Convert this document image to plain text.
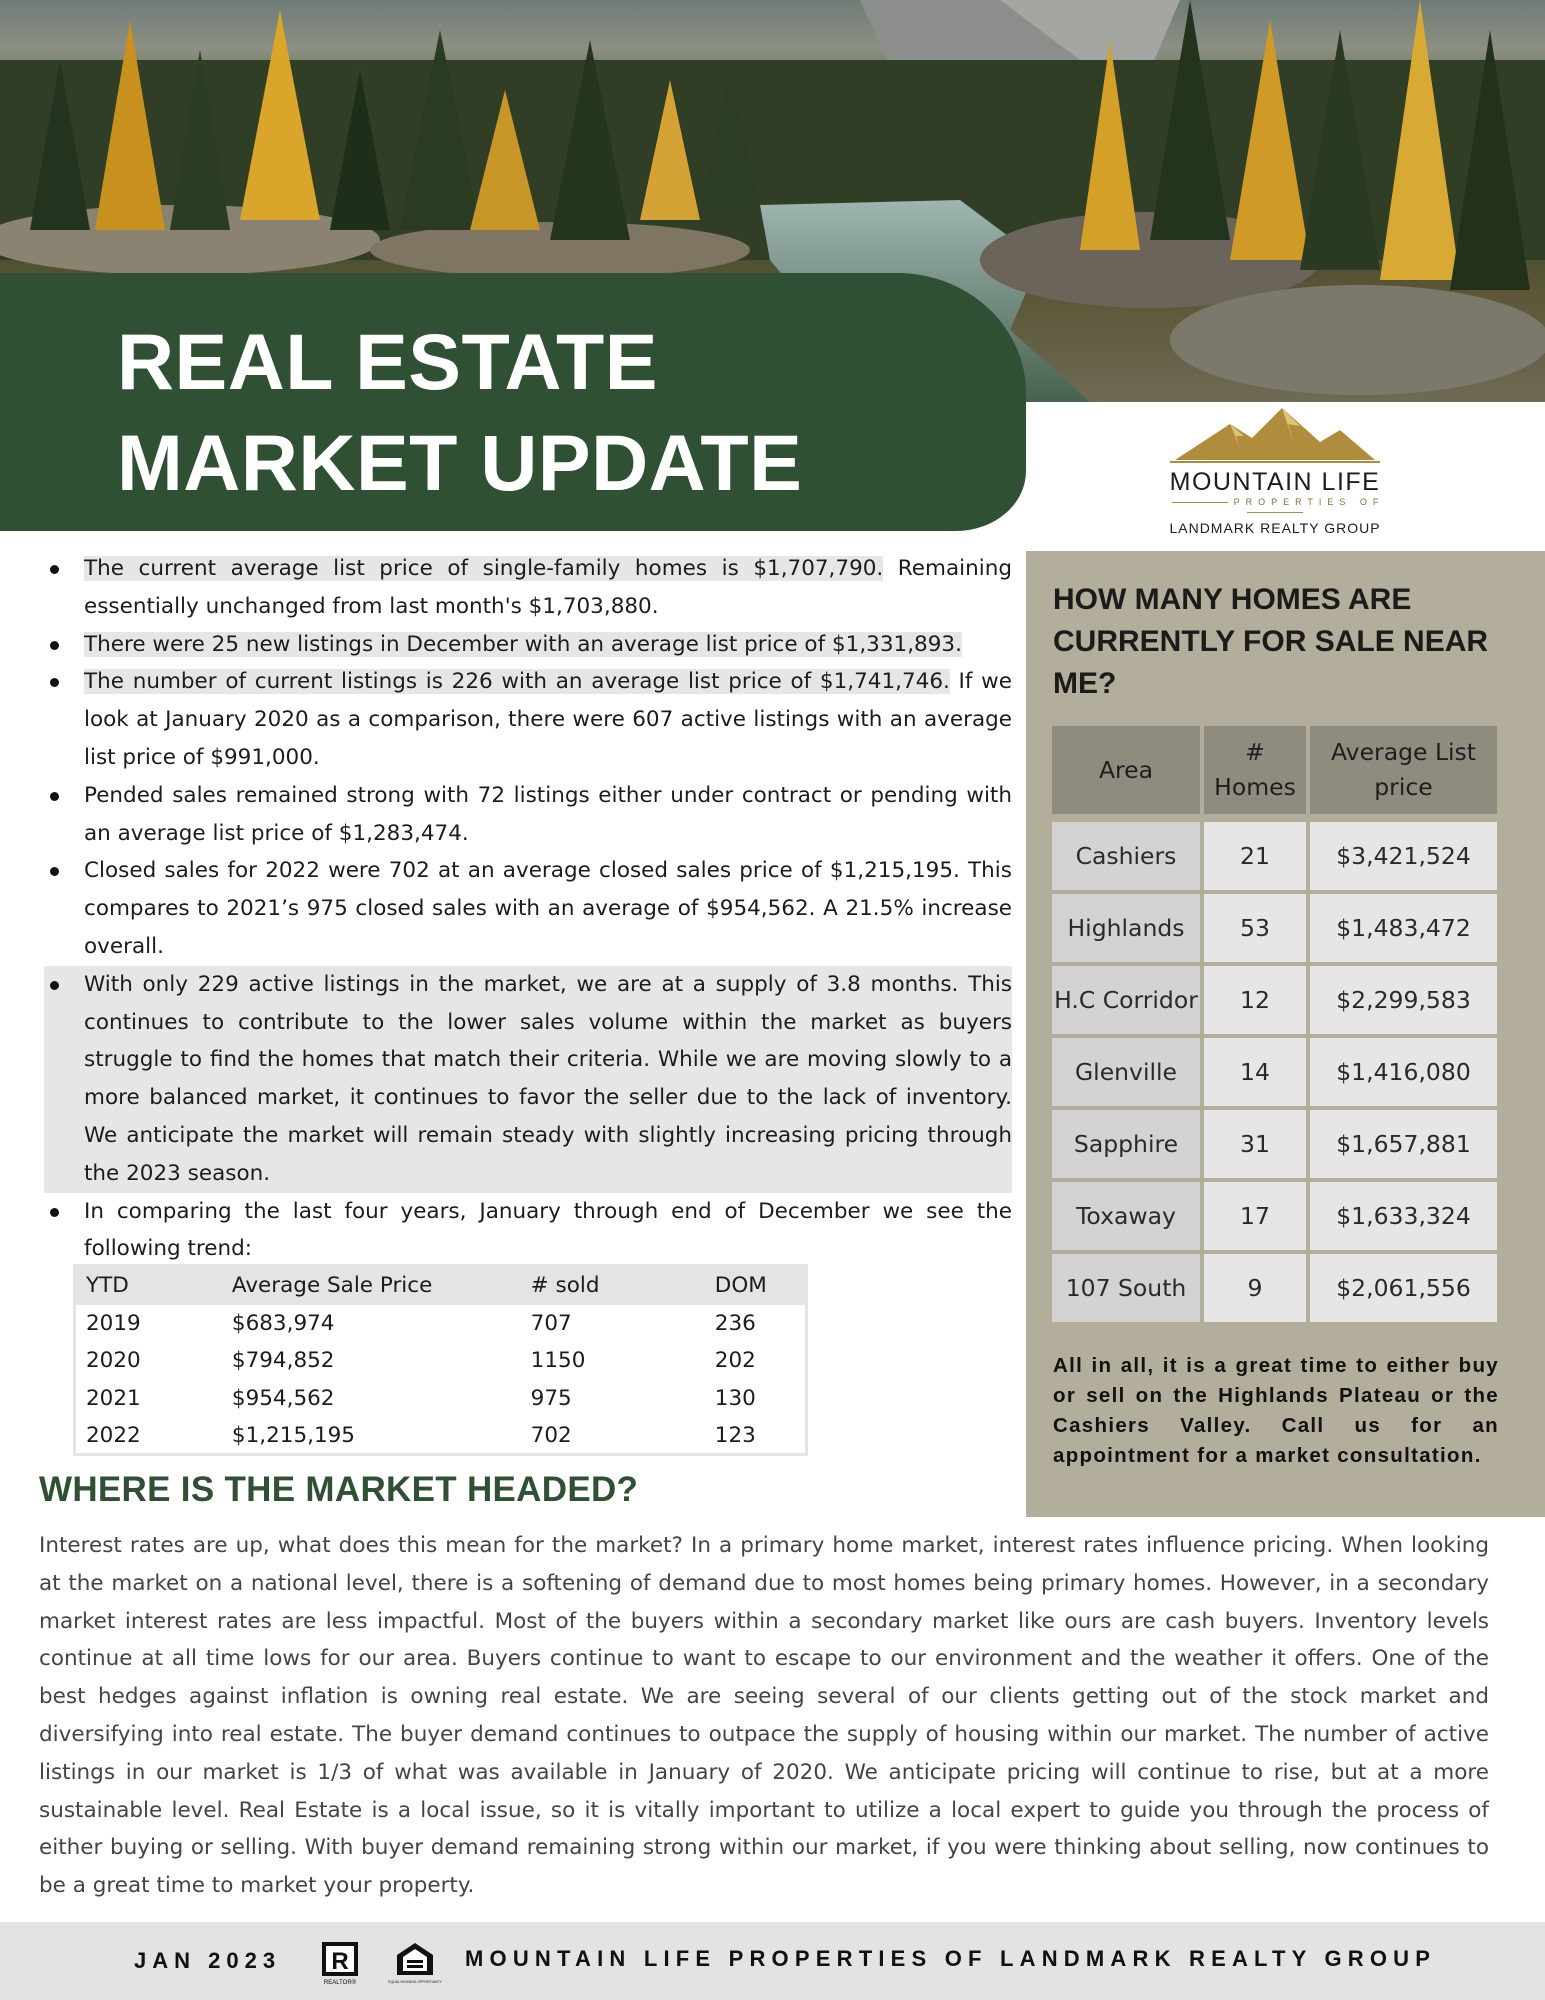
REAL ESTATE
MARKET UPDATE	MOUNTAIN LIFE
PROPERTIES OF
LANDMARK REALTY GROUP
The current average list price of single-family homes is $1,707,790. Remaining essentially unchanged from last month's $1,703,880.
There were 25 new listings in December with an average list price of $1,331,893.
The number of current listings is 226 with an average list price of $1,741,746. If we look at January 2020 as a comparison, there were 607 active listings with an average list price of $991,000.
Pended sales remained strong with 72 listings either under contract or pending with an average list price of $1,283,474.
Closed sales for 2022 were 702 at an average closed sales price of $1,215,195. This compares to 2021’s 975 closed sales with an average of $954,562. A 21.5% increase overall.
With only 229 active listings in the market, we are at a supply of 3.8 months. This continues to contribute to the lower sales volume within the market as buyers struggle to find the homes that match their criteria. While we are moving slowly to a more balanced market, it continues to favor the seller due to the lack of inventory. We anticipate the market will remain steady with slightly increasing pricing through the 2023 season.
In comparing the last four years, January through end of December we see the following trend:
YTD	Average Sale Price	# sold	DOM
2019	$683,974	707	236
2020	$794,852	1150	202
2021	$954,562	975	130
2022	$1,215,195	702	123
HOW MANY HOMES ARE CURRENTLY FOR SALE NEAR ME?
Area	# Homes	Average List price

Cashiers	21	$3,421,524
Highlands	53	$1,483,472
H.C Corridor	12	$2,299,583
Glenville	14	$1,416,080
Sapphire	31	$1,657,881
Toxaway	17	$1,633,324
107 South	9	$2,061,556

All in all, it is a great time to either buy or sell on the Highlands Plateau or the Cashiers Valley. Call us for an appointment for a market consultation.

WHERE IS THE MARKET HEADED?

Interest rates are up, what does this mean for the market? In a primary home market, interest rates influence pricing. When looking at the market on a national level, there is a softening of demand due to most homes being primary homes. However, in a secondary market interest rates are less impactful. Most of the buyers within a secondary market like ours are cash buyers. Inventory levels continue at all time lows for our area. Buyers continue to want to escape to our environment and the weather it offers. One of the best hedges against inflation is owning real estate. We are seeing several of our clients getting out of the stock market and diversifying into real estate. The buyer demand continues to outpace the supply of housing within our market. The number of active listings in our market is 1/3 of what was available in January of 2020. We anticipate pricing will continue to rise, but at a more sustainable level. Real Estate is a local issue, so it is vitally important to utilize a local expert to guide you through the process of either buying or selling. With buyer demand remaining strong within our market, if you were thinking about selling, now continues to be a great time to market your property.

JAN 2023 R
REALTOR®	EQUAL HOUSING OPPORTUNITY
MOUNTAIN LIFE PROPERTIES OF LANDMARK REALTY GROUP
